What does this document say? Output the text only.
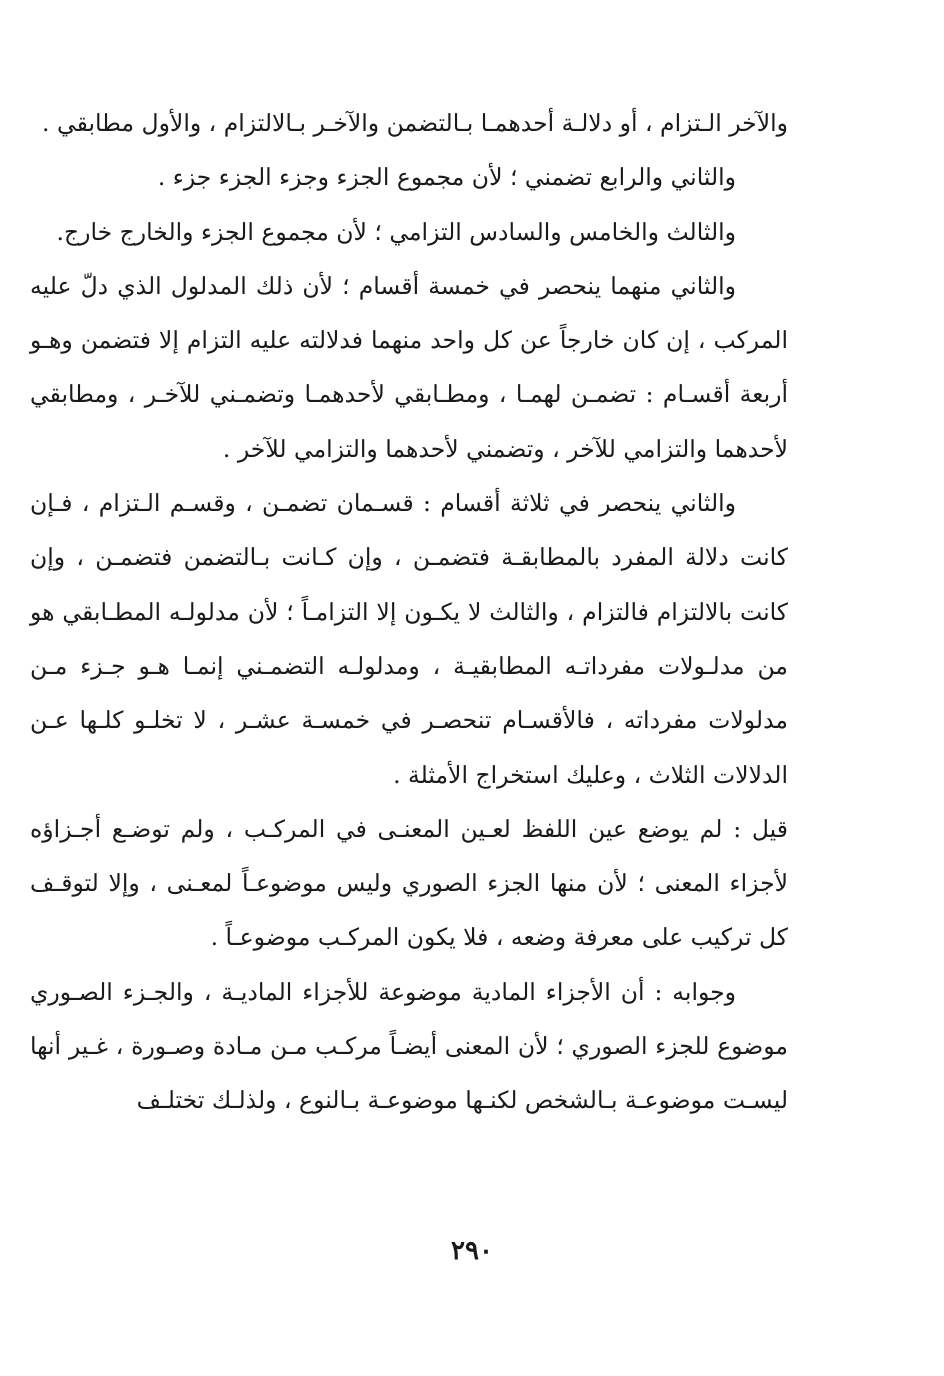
والآخر الـتزام ، أو دلالـة أحدهمـا بـالتضمن والآخـر بـالالتزام ، والأول مطابقي .

والثاني والرابع تضمني ؛ لأن مجموع الجزء وجزء الجزء جزء .

والثالث والخامس والسادس التزامي ؛ لأن مجموع الجزء والخارج خارج.

والثاني منهما ينحصر في خمسة أقسام ؛ لأن ذلك المدلول الذي دلّ عليه المركب ، إن كان خارجاً عن كل واحد منهما فدلالته عليه التزام إلا فتضمن وهـو أربعة أقسـام : تضمـن لهمـا ، ومطـابقي لأحدهمـا وتضمـني للآخـر ، ومطابقي لأحدهما والتزامي للآخر ، وتضمني لأحدهما والتزامي للآخر .

والثاني ينحصر في ثلاثة أقسام : قسـمان تضمـن ، وقسـم الـتزام ، فـإن كانت دلالة المفرد بالمطابقـة فتضمـن ، وإن كـانت بـالتضمن فتضمـن ، وإن كانت بالالتزام فالتزام ، والثالث لا يكـون إلا التزامـاً ؛ لأن مدلولـه المطـابقي هو من مدلـولات مفرداتـه المطابقيـة ، ومدلولـه التضمـني إنمـا هـو جـزء مـن مدلولات مفرداته ، فالأقسـام تنحصـر في خمسـة عشـر ، لا تخلـو كلـها عـن الدلالات الثلاث ، وعليك استخراج الأمثلة .

قيل : لم يوضع عين اللفظ لعـين المعنـى في المركـب ، ولم توضـع أجـزاؤه لأجزاء المعنى ؛ لأن منها الجزء الصوري وليس موضوعـاً لمعـنى ، وإلا لتوقـف كل تركيب على معرفة وضعه ، فلا يكون المركـب موضوعـاً .

وجوابه : أن الأجزاء المادية موضوعة للأجزاء الماديـة ، والجـزء الصـوري موضوع للجزء الصوري ؛ لأن المعنى أيضـاً مركـب مـن مـادة وصـورة ، غـير أنها ليسـت موضوعـة بـالشخص لكنـها موضوعـة بـالنوع ، ولذلـك تختلـف

٢٩٠
